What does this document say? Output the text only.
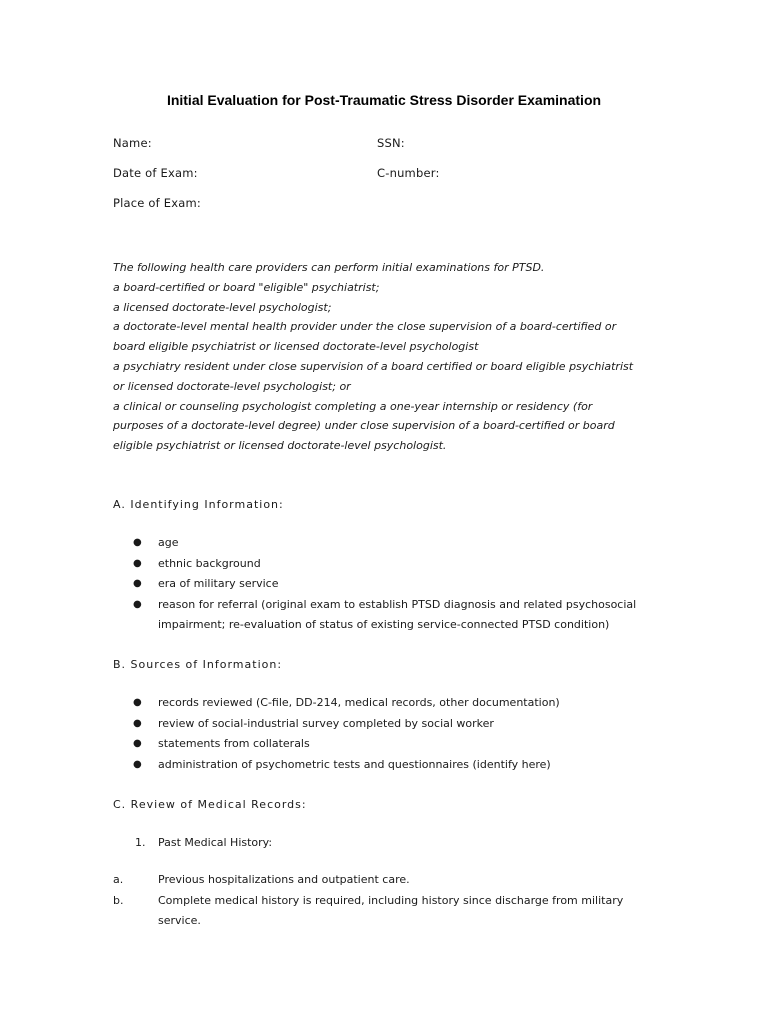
Initial Evaluation for Post-Traumatic Stress Disorder Examination
Name:	SSN:
Date of Exam:	C-number:
Place of Exam:
The following health care providers can perform initial examinations for PTSD.
a board-certified or board "eligible" psychiatrist;
a licensed doctorate-level psychologist;
a doctorate-level mental health provider under the close supervision of a board-certified or
board eligible psychiatrist or licensed doctorate-level psychologist
a psychiatry resident under close supervision of a board certified or board eligible psychiatrist
or licensed doctorate-level psychologist; or
a clinical or counseling psychologist completing a one-year internship or residency (for
purposes of a doctorate-level degree) under close supervision of a board-certified or board
eligible psychiatrist or licensed doctorate-level psychologist.
A. Identifying Information:
● age
● ethnic background
● era of military service
● reason for referral (original exam to establish PTSD diagnosis and related psychosocial
impairment; re-evaluation of status of existing service-connected PTSD condition)
B. Sources of Information:
● records reviewed (C-file, DD-214, medical records, other documentation)
● review of social-industrial survey completed by social worker
● statements from collaterals
● administration of psychometric tests and questionnaires (identify here)
C. Review of Medical Records:
1. Past Medical History:
a.	Previous hospitalizations and outpatient care.
b.	Complete medical history is required, including history since discharge from military
service.
